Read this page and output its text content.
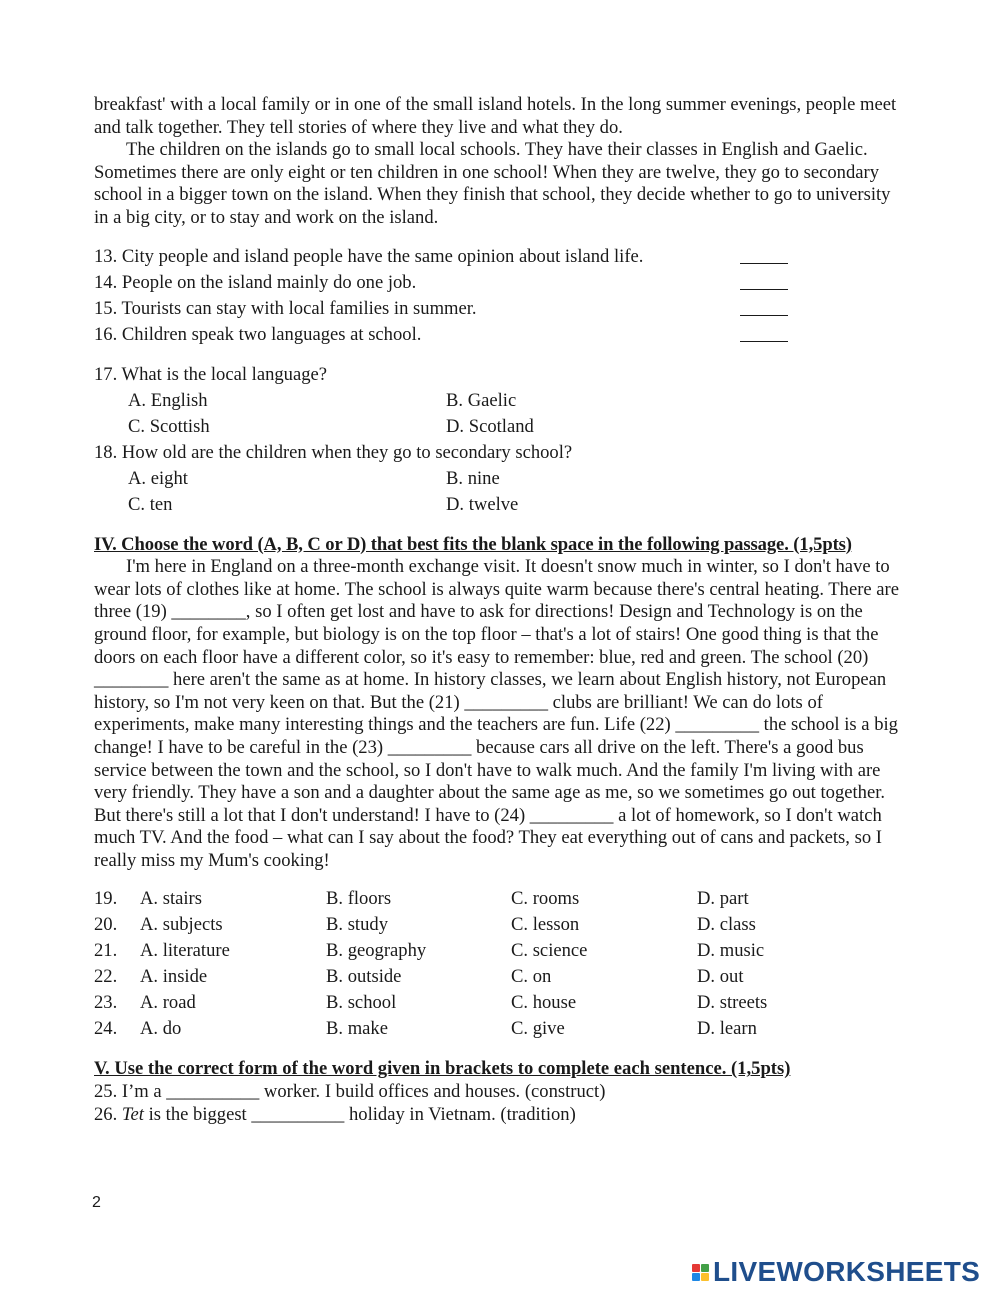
breakfast' with a local family or in one of the small island hotels. In the long summer evenings, people meet and talk together. They tell stories of where they live and what they do.

The children on the islands go to small local schools. They have their classes in English and Gaelic. Sometimes there are only eight or ten children in one school! When they are twelve, they go to secondary school in a bigger town on the island. When they finish that school, they decide whether to go to university in a big city, or to stay and work on the island.

13. City people and island people have the same opinion about island life.
14. People on the island mainly do one job.
15. Tourists can stay with local families in summer.
16. Children speak two languages at school.
17. What is the local language?
A. English	B. Gaelic
C. Scottish	D. Scotland
18. How old are the children when they go to secondary school?
A. eight	B. nine
C. ten	D. twelve

IV. Choose the word (A, B, C or D) that best fits the blank space in the following passage. (1,5pts)

I'm here in England on a three-month exchange visit. It doesn't snow much in winter, so I don't have to wear lots of clothes like at home. The school is always quite warm because there's central heating. There are three (19) ________, so I often get lost and have to ask for directions! Design and Technology is on the ground floor, for example, but biology is on the top floor – that's a lot of stairs! One good thing is that the doors on each floor have a different color, so it's easy to remember: blue, red and green. The school (20) ________ here aren't the same as at home. In history classes, we learn about English history, not European history, so I'm not very keen on that. But the (21) _________ clubs are brilliant! We can do lots of experiments, make many interesting things and the teachers are fun. Life (22) _________ the school is a big change! I have to be careful in the (23) _________ because cars all drive on the left. There's a good bus service between the town and the school, so I don't have to walk much. And the family I'm living with are very friendly. They have a son and a daughter about the same age as me, so we sometimes go out together. But there's still a lot that I don't understand! I have to (24) _________ a lot of homework, so I don't watch much TV. And the food – what can I say about the food? They eat everything out of cans and packets, so I really miss my Mum's cooking!

19.	A. stairs	B. floors	C. rooms	D. part
20.	A. subjects	B. study	C. lesson	D. class
21.	A. literature	B. geography	C. science	D. music
22.	A. inside	B. outside	C. on	D. out
23.	A. road	B. school	C. house	D. streets
24.	A. do	B. make	C. give	D. learn

V. Use the correct form of the word given in brackets to complete each sentence. (1,5pts)

25. I’m a __________ worker. I build offices and houses. (construct)

26. Tet is the biggest __________ holiday in Vietnam. (tradition)

2
LIVEWORKSHEETS
